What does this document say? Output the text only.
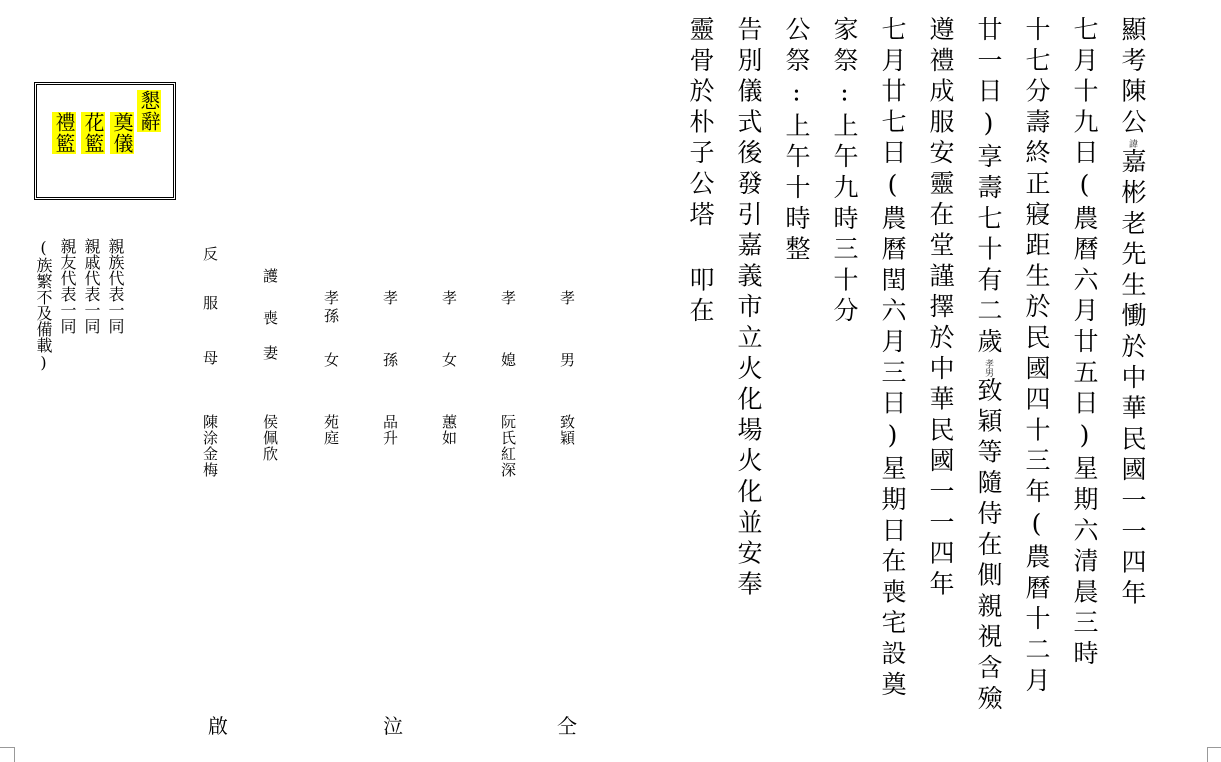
顯考陳公諱嘉彬老先生慟於中華民國一一四年
七月十九日(農曆六月廿五日)星期六清晨三時
十七分壽終正寢距生於民國四十三年(農曆十二月
廿一日)享壽七十有二歲孝男致穎等隨侍在側親視含殮
遵禮成服安靈在堂謹擇於中華民國一一四年
七月廿七日(農曆閏六月三日)星期日在喪宅設奠
家祭:上午九時三十分
公祭:上午十時整
告別儀式後發引嘉義市立火化場火化並安奉
靈骨於朴子公塔 叩在
孝
男
致穎
孝
媳
阮氏紅深
孝
女
蕙如
孝
孫
品升
孝孫
女
苑庭
護
喪妻
侯佩欣
反
服母
陳涂金梅
親族代表一同
親戚代表一同
親友代表一同
(族繁不及備載)
懇辭
奠儀
花籃
禮籃
仝
泣
啟
